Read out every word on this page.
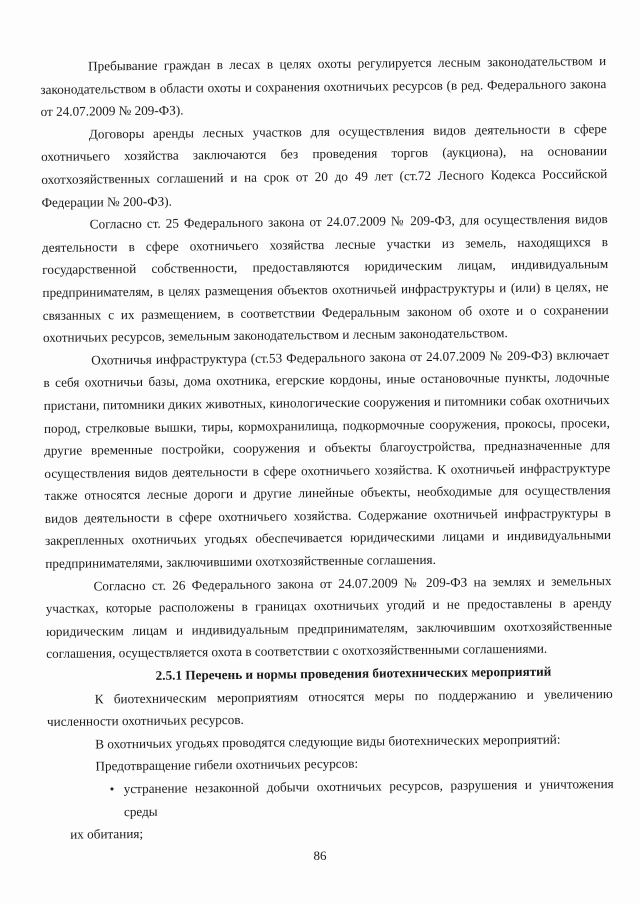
Пребывание граждан в лесах в целях охоты регулируется лесным законодательством и законодательством в области охоты и сохранения охотничьих ресурсов (в ред. Федерального закона от 24.07.2009 № 209-ФЗ).

Договоры аренды лесных участков для осуществления видов деятельности в сфере охотничьего хозяйства заключаются без проведения торгов (аукциона), на основании охотхозяйственных соглашений и на срок от 20 до 49 лет (ст.72 Лесного Кодекса Российской Федерации № 200-ФЗ).

Согласно ст. 25 Федерального закона от 24.07.2009 № 209-ФЗ, для осуществления видов деятельности в сфере охотничьего хозяйства лесные участки из земель, находящихся в государственной собственности, предоставляются юридическим лицам, индивидуальным предпринимателям, в целях размещения объектов охотничьей инфраструктуры и (или) в целях, не связанных с их размещением, в соответствии Федеральным законом об охоте и о сохранении охотничьих ресурсов, земельным законодательством и лесным законодательством.

Охотничья инфраструктура (ст.53 Федерального закона от 24.07.2009 № 209-ФЗ) включает в себя охотничьи базы, дома охотника, егерские кордоны, иные остановочные пункты, лодочные пристани, питомники диких животных, кинологические сооружения и питомники собак охотничьих пород, стрелковые вышки, тиры, кормохранилища, подкормочные сооружения, прокосы, просеки, другие временные постройки, сооружения и объекты благоустройства, предназначенные для осуществления видов деятельности в сфере охотничьего хозяйства. К охотничьей инфраструктуре также относятся лесные дороги и другие линейные объекты, необходимые для осуществления видов деятельности в сфере охотничьего хозяйства. Содержание охотничьей инфраструктуры в закрепленных охотничьих угодьях обеспечивается юридическими лицами и индивидуальными предпринимателями, заключившими охотхозяйственные соглашения.

Согласно ст. 26 Федерального закона от 24.07.2009 № 209-ФЗ на землях и земельных участках, которые расположены в границах охотничьих угодий и не предоставлены в аренду юридическим лицам и индивидуальным предпринимателям, заключившим охотхозяйственные соглашения, осуществляется охота в соответствии с охотхозяйственными соглашениями.

2.5.1 Перечень и нормы проведения биотехнических мероприятий

К биотехническим мероприятиям относятся меры по поддержанию и увеличению численности охотничьих ресурсов.

В охотничьих угодьях проводятся следующие виды биотехнических мероприятий:

Предотвращение гибели охотничьих ресурсов:

• устранение незаконной добычи охотничьих ресурсов, разрушения и уничтожения среды
их обитания;
86
